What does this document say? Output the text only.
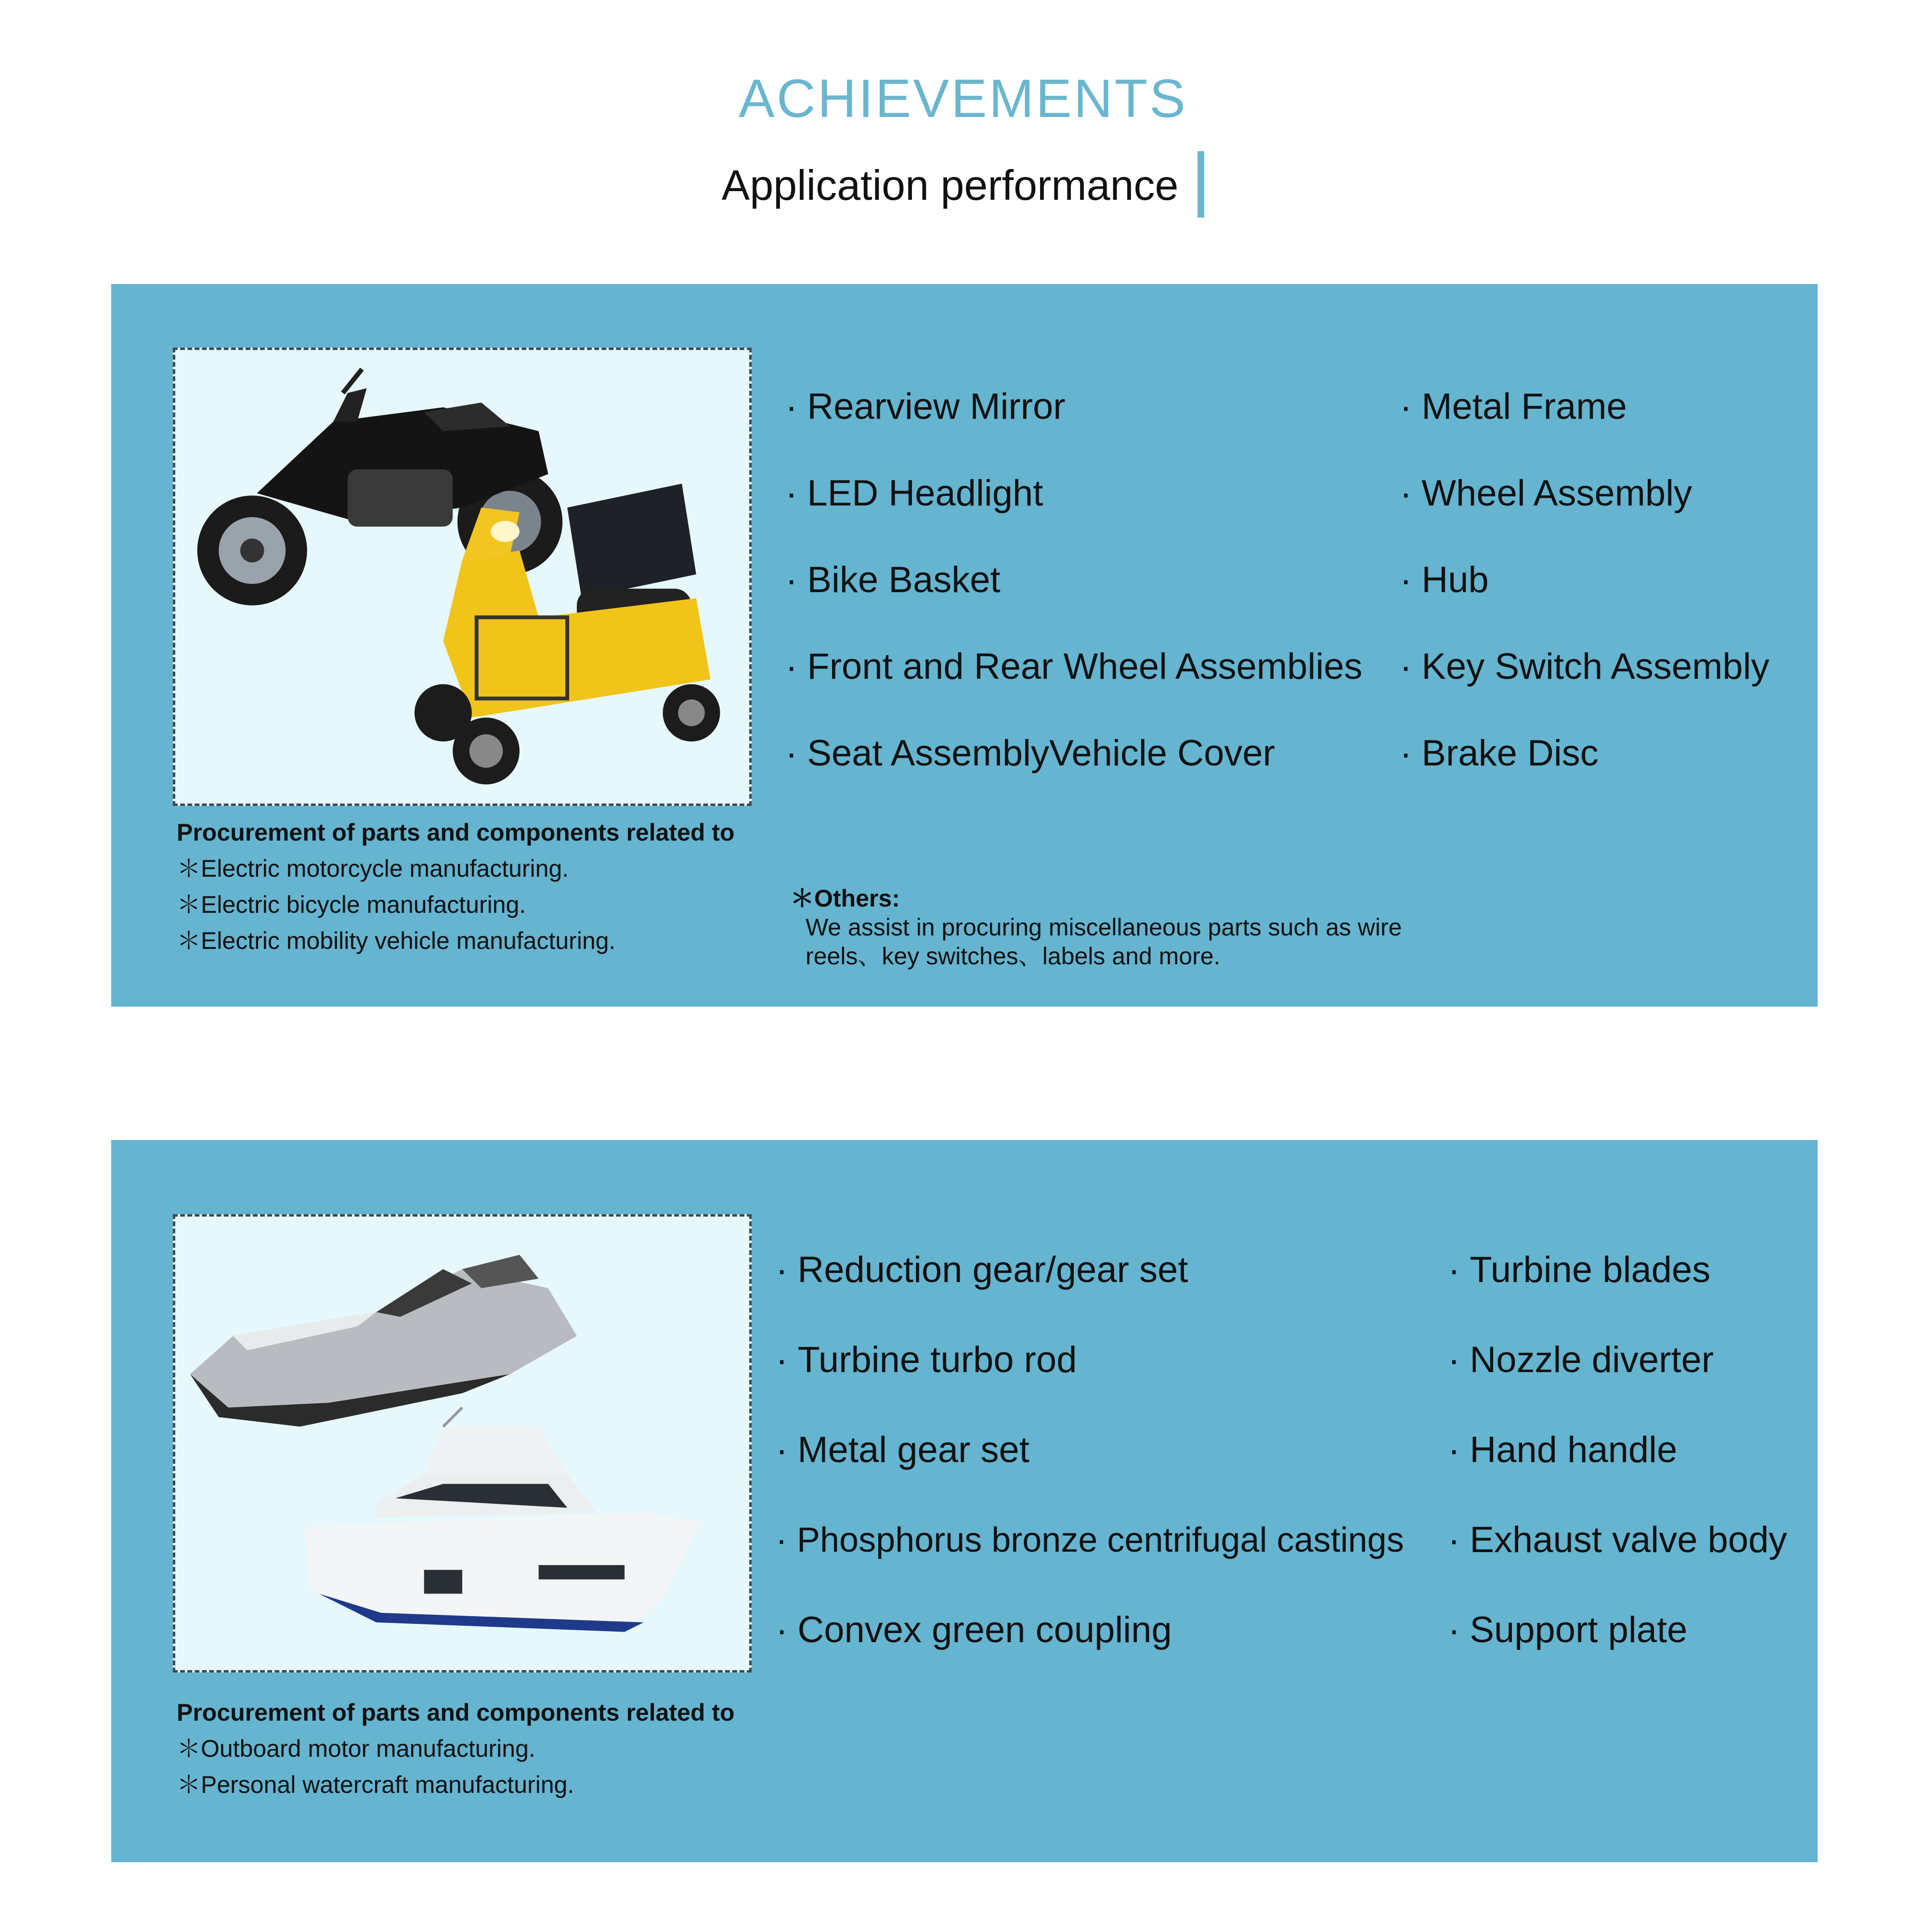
ACHIEVEMENTS
Application performance
Procurement of parts and components related to
＊Electric motorcycle manufacturing.
＊Electric bicycle manufacturing.
＊Electric mobility vehicle manufacturing.
· Rearview Mirror
· LED Headlight
· Bike Basket
· Front and Rear Wheel Assemblies
· Seat AssemblyVehicle Cover
· Metal Frame
· Wheel Assembly
· Hub
· Key Switch Assembly
· Brake Disc
＊Others:
We assist in procuring miscellaneous parts such as wire reels、key switches、labels and more.
Procurement of parts and components related to
＊Outboard motor manufacturing.
＊Personal watercraft manufacturing.
· Reduction gear/gear set
· Turbine turbo rod
· Metal gear set
· Phosphorus bronze centrifugal castings
· Convex green coupling
· Turbine blades
· Nozzle diverter
· Hand handle
· Exhaust valve body
· Support plate
